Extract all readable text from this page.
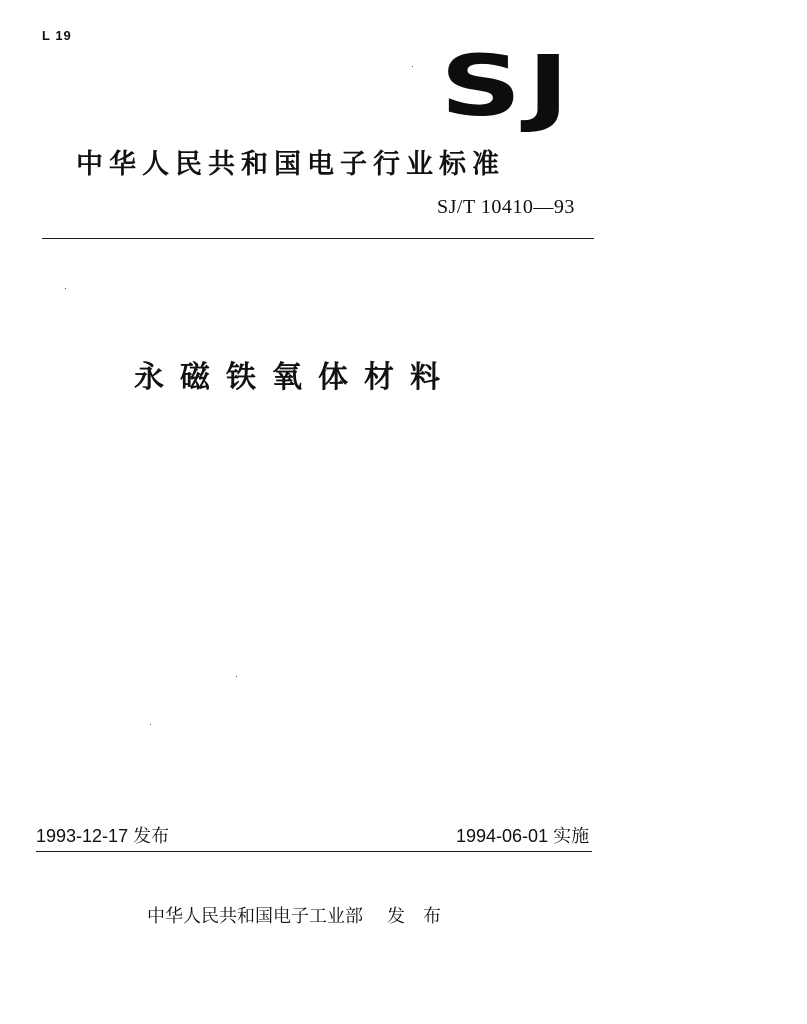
L 19
SJ
中华人民共和国电子行业标准
SJ/T 10410—93
永磁铁氧体材料
1993-12-17 发布	1994-06-01 实施
中华人民共和国电子工业部 发布
